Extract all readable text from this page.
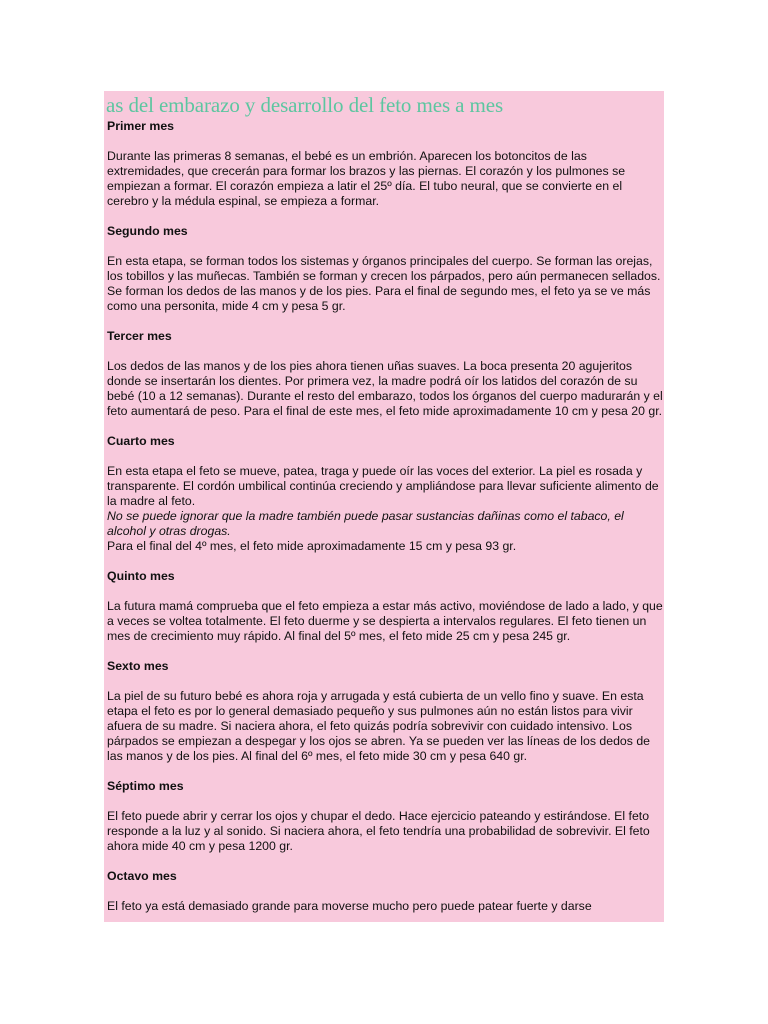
as del embarazo y desarrollo del feto mes a mes
Primer mes
Durante las primeras 8 semanas, el bebé es un embrión. Aparecen los botoncitos de las extremidades, que crecerán para formar los brazos y las piernas. El corazón y los pulmones se empiezan a formar. El corazón empieza a latir el 25º día. El tubo neural, que se convierte en el cerebro y la médula espinal, se empieza a formar.
Segundo mes
En esta etapa, se forman todos los sistemas y órganos principales del cuerpo. Se forman las orejas, los tobillos y las muñecas. También se forman y crecen los párpados, pero aún permanecen sellados. Se forman los dedos de las manos y de los pies. Para el final de segundo mes, el feto ya se ve más como una personita, mide 4 cm y pesa 5 gr.
Tercer mes
Los dedos de las manos y de los pies ahora tienen uñas suaves. La boca presenta 20 agujeritos donde se insertarán los dientes. Por primera vez, la madre podrá oír los latidos del corazón de su bebé (10 a 12 semanas). Durante el resto del embarazo, todos los órganos del cuerpo madurarán y el feto aumentará de peso. Para el final de este mes, el feto mide aproximadamente 10 cm y pesa 20 gr.
Cuarto mes
En esta etapa el feto se mueve, patea, traga y puede oír las voces del exterior. La piel es rosada y transparente. El cordón umbilical continúa creciendo y ampliándose para llevar suficiente alimento de la madre al feto.
No se puede ignorar que la madre también puede pasar sustancias dañinas como el tabaco, el alcohol y otras drogas.
Para el final del 4º mes, el feto mide aproximadamente 15 cm y pesa 93 gr.
Quinto mes
La futura mamá comprueba que el feto empieza a estar más activo, moviéndose de lado a lado, y que a veces se voltea totalmente. El feto duerme y se despierta a intervalos regulares. El feto tienen un mes de crecimiento muy rápido. Al final del 5º mes, el feto mide 25 cm y pesa 245 gr.
Sexto mes
La piel de su futuro bebé es ahora roja y arrugada y está cubierta de un vello fino y suave. En esta etapa el feto es por lo general demasiado pequeño y sus pulmones aún no están listos para vivir afuera de su madre. Si naciera ahora, el feto quizás podría sobrevivir con cuidado intensivo. Los párpados se empiezan a despegar y los ojos se abren. Ya se pueden ver las líneas de los dedos de las manos y de los pies. Al final del 6º mes, el feto mide 30 cm y pesa 640 gr.
Séptimo mes
El feto puede abrir y cerrar los ojos y chupar el dedo. Hace ejercicio pateando y estirándose. El feto responde a la luz y al sonido. Si naciera ahora, el feto tendría una probabilidad de sobrevivir. El feto ahora mide 40 cm y pesa 1200 gr.
Octavo mes
El feto ya está demasiado grande para moverse mucho pero puede patear fuerte y darse
